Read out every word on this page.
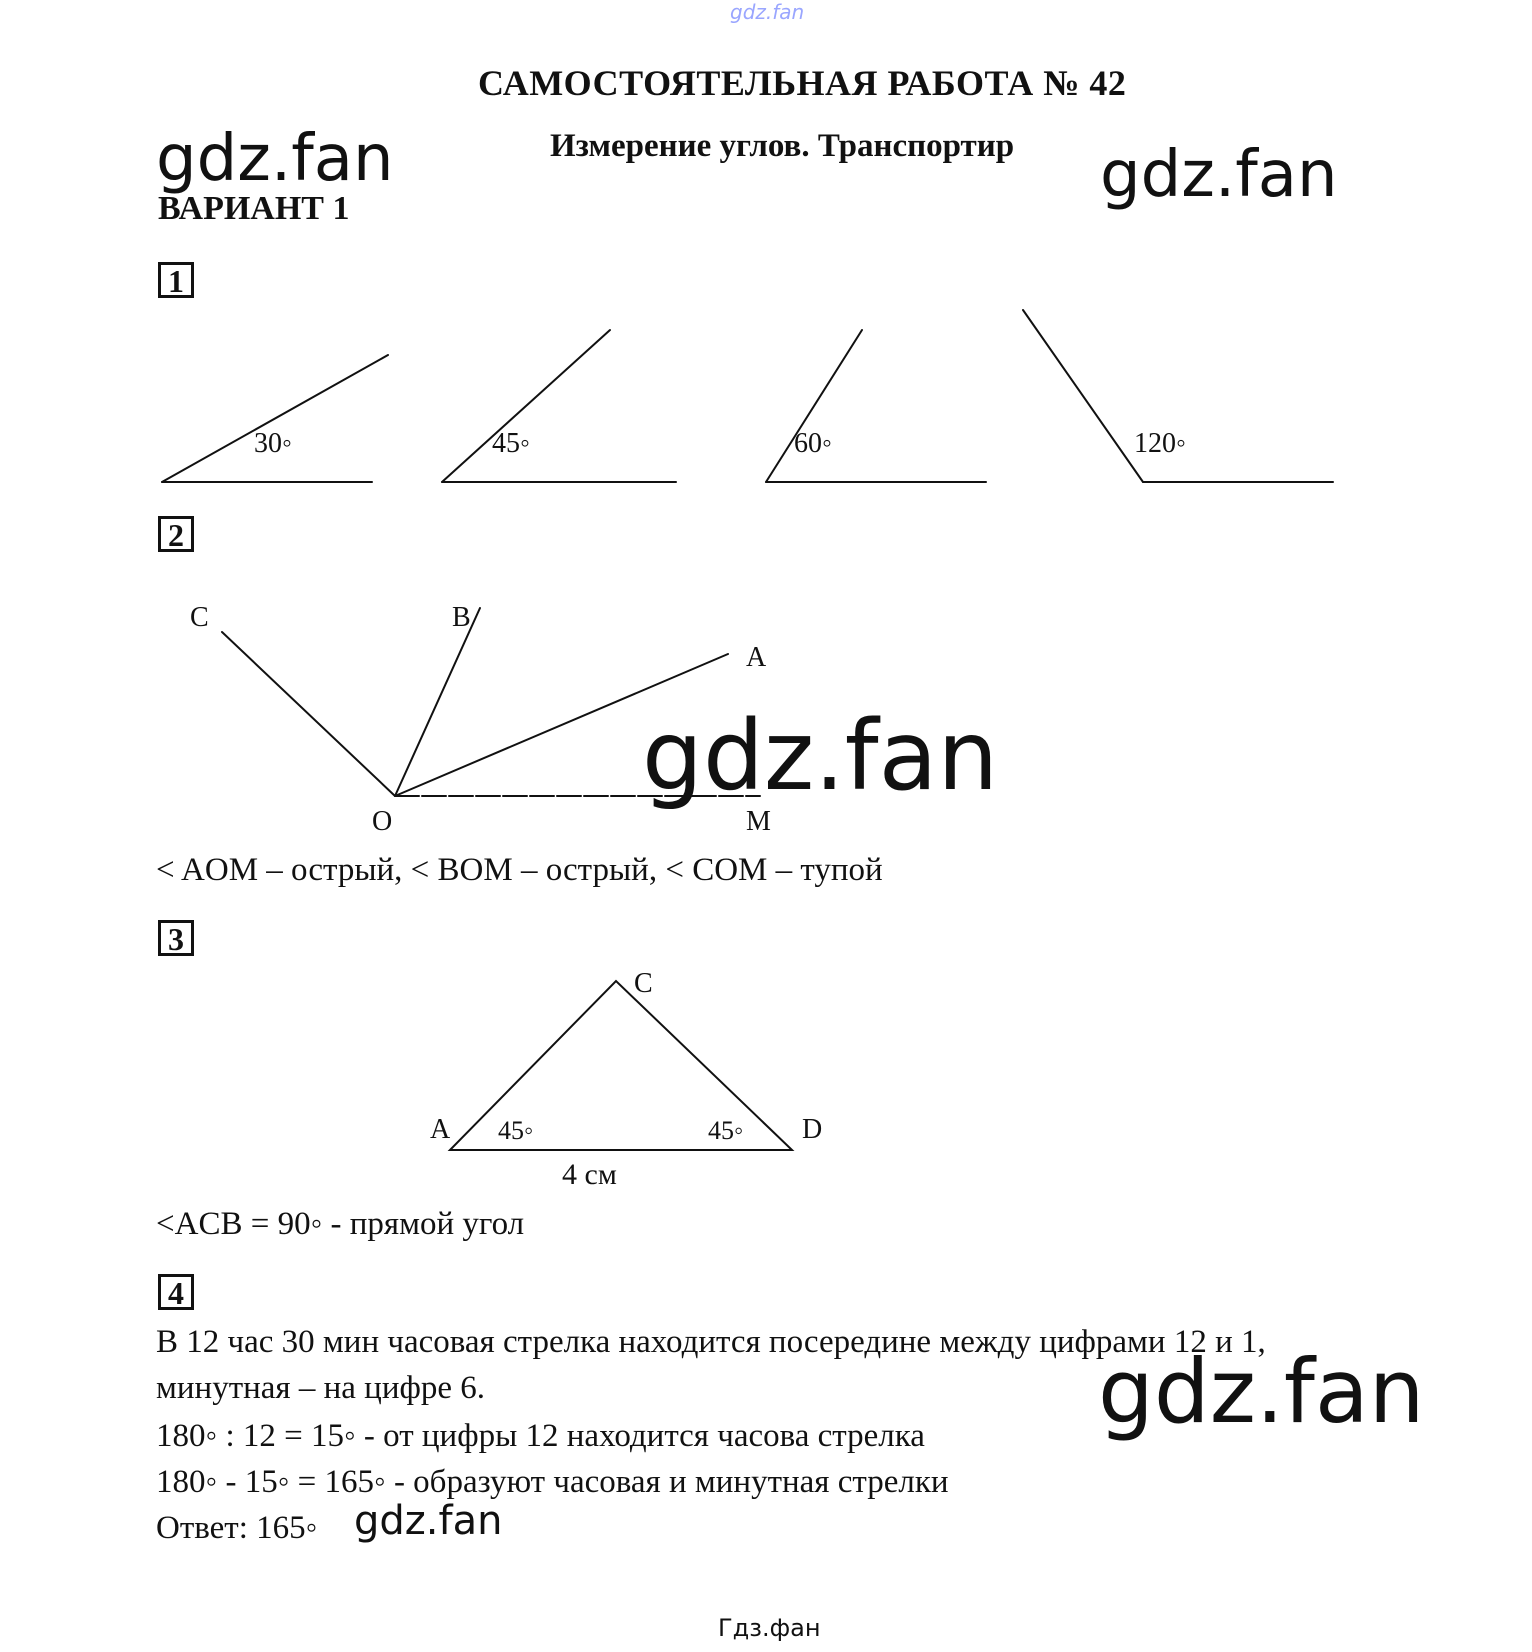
gdz.fan
САМОСТОЯТЕЛЬНАЯ РАБОТА № 42
Измерение углов. Транспортир
gdz.fan	gdz.fan
ВАРИАНТ 1
1
30◦	45◦	60◦	120◦
2
C	B
A
O	M
gdz.fan
< AOM – острый, < BOM – острый, < COM – тупой
3
C
A	D
45◦	45◦
4 см
<ACB = 90◦ - прямой угол
4
В 12 час 30 мин часовая стрелка находится посередине между цифрами 12 и 1,
минутная – на цифре 6.
180◦ : 12 = 15◦ - от цифры 12 находится часова стрелка
180◦ - 15◦ = 165◦ - образуют часовая и минутная стрелки
Ответ: 165◦
gdz.fan
gdz.fan
Гдз.фан
